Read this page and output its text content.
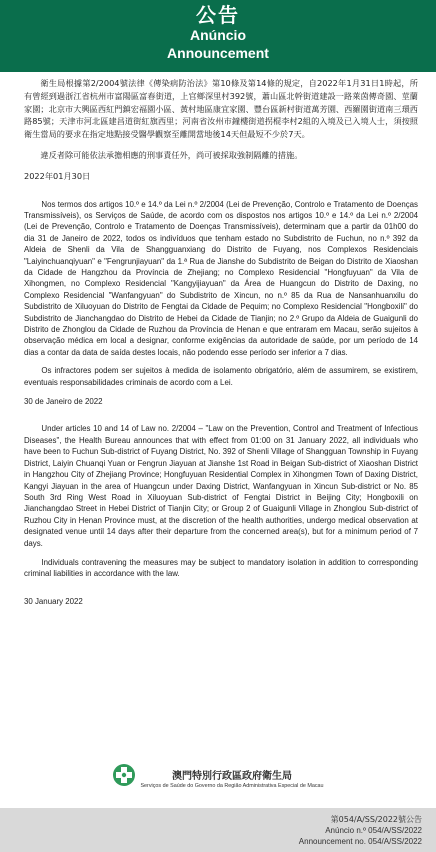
公告
Anúncio
Announcement

衛生局根據第2/2004號法律《傳染病防治法》第10條及第14條的規定，自2022年1月31日1時起，所有曾經到過浙江省杭州市富陽區富春街道，上官鄉深里村392號，蕭山區北幹街道建設一路萊茵傳奇園、莖蘭家園；北京市大興區西紅門鎮宏福園小區、黃村地區康宜家園、豐台區新村街道萬芳園、西羅園街道南三環西路85號；天津市河北區建昌道街紅旗西里；河南省汝州市鐘樓街道拐棍李村2組的入境及已入境人士，須按照衛生當局的要求在指定地點接受醫學觀察至離開當地後14天但最短不少於7天。

違反者除可能依法承擔相應的刑事責任外，尚可被採取強制隔離的措施。

2022年01月30日

Nos termos dos artigos 10.º e 14.º da Lei n.º 2/2004 (Lei de Prevenção, Controlo e Tratamento de Doenças Transmissíveis), os Serviços de Saúde, de acordo com os dispostos nos artigos 10.º e 14.º da Lei n.º 2/2004 (Lei de Prevenção, Controlo e Tratamento de Doenças Transmissíveis), determinam que a partir da 01h00 do dia 31 de Janeiro de 2022, todos os indivíduos que tenham estado no Subdistrito de Fuchun, no n.º 392 da Aldeia de Shenli da Vila de Shangguanxiang do Distrito de Fuyang, nos Complexos Residenciais "Laiyinchuanqiyuan" e "Fengrunjiayuan" da 1.ª Rua de Jianshe do Subdistrito de Beigan do Distrito de Xiaoshan da Cidade de Hangzhou da Província de Zhejiang; no Complexo Residencial "Hongfuyuan" da Vila de Xihongmen, no Complexo Residencial "Kangyijiayuan" da Área de Huangcun do Distrito de Daxing, no Complexo Residencial "Wanfangyuan" do Subdistrito de Xincun, no n.º 85 da Rua de Nansanhuanxilu do Subdistrito de Xiluoyuan do Distrito de Fengtai da Cidade de Pequim; no Complexo Residencial "Hongboxili" do Subdistrito de Jianchangdao do Distrito de Hebei da Cidade de Tianjin; no 2.º Grupo da Aldeia de Guaigunli do Distrito de Zhonglou da Cidade de Ruzhou da Província de Henan e que entraram em Macau, serão sujeitos à observação médica em local a designar, conforme exigências da autoridade de saúde, por um período de 14 dias a contar da data de saída destes locais, não podendo esse período ser inferior a 7 dias.

Os infractores podem ser sujeitos à medida de isolamento obrigatório, além de assumirem, se existirem, eventuais responsabilidades criminais de acordo com a Lei.

30 de Janeiro de 2022

Under articles 10 and 14 of Law no. 2/2004 – "Law on the Prevention, Control and Treatment of Infectious Diseases", the Health Bureau announces that with effect from 01:00 on 31 January 2022, all individuals who have been to Fuchun Sub-district of Fuyang District, No. 392 of Shenli Village of Shangguan Township in Fuyang District, Laiyin Chuanqi Yuan or Fengrun Jiayuan at Jianshe 1st Road in Beigan Sub-district of Xiaoshan District in Hangzhou City of Zhejiang Province; Hongfuyuan Residential Complex in Xihongmen Town of Daxing District, Kangyi Jiayuan in the area of Huangcun under Daxing District, Wanfangyuan in Xincun Sub-district or No. 85 South 3rd Ring West Road in Xiluoyuan Sub-district of Fengtai District in Beijing City; Hongboxili on Jianchangdao Street in Hebei District of Tianjin City; or Group 2 of Guaigunli Village in Zhonglou Sub-district of Ruzhou City in Henan Province must, at the discretion of the health authorities, undergo medical observation at designated venue until 14 days after their departure from the concerned area(s), but for a minimum period of 7 days.

Individuals contravening the measures may be subject to mandatory isolation in addition to corresponding criminal liabilities in accordance with the law.

30 January 2022

澳門特別行政區政府衛生局
Serviços de Saúde do Governo da Região Administrativa Especial de Macau
第054/A/SS/2022號公告
Anúncio n.º 054/A/SS/2022
Announcement no. 054/A/SS/2022
